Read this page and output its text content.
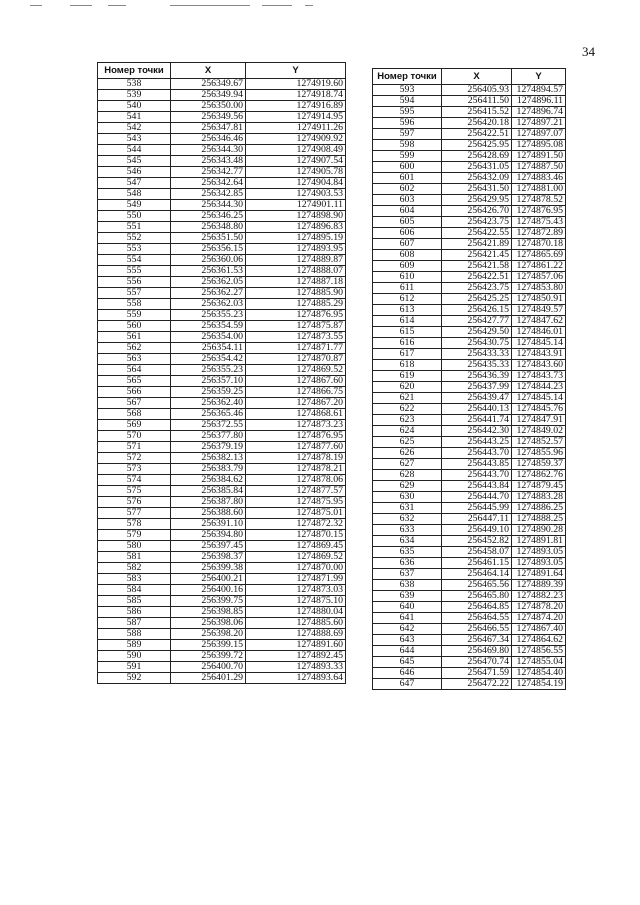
34
Номер точки	X	Y
538	256349.67	1274919.60
539	256349.94	1274918.74
540	256350.00	1274916.89
541	256349.56	1274914.95
542	256347.81	1274911.26
543	256346.46	1274909.92
544	256344.30	1274908.49
545	256343.48	1274907.54
546	256342.77	1274905.78
547	256342.64	1274904.84
548	256342.85	1274903.53
549	256344.30	1274901.11
550	256346.25	1274898.90
551	256348.80	1274896.83
552	256351.50	1274895.19
553	256356.15	1274893.95
554	256360.06	1274889.87
555	256361.53	1274888.07
556	256362.05	1274887.18
557	256362.27	1274885.90
558	256362.03	1274885.29
559	256355.23	1274876.95
560	256354.59	1274875.87
561	256354.00	1274873.55
562	256354.11	1274871.77
563	256354.42	1274870.87
564	256355.23	1274869.52
565	256357.10	1274867.60
566	256359.25	1274866.75
567	256362.40	1274867.20
568	256365.46	1274868.61
569	256372.55	1274873.23
570	256377.80	1274876.95
571	256379.19	1274877.60
572	256382.13	1274878.19
573	256383.79	1274878.21
574	256384.62	1274878.06
575	256385.84	1274877.57
576	256387.80	1274875.95
577	256388.60	1274875.01
578	256391.10	1274872.32
579	256394.80	1274870.15
580	256397.45	1274869.45
581	256398.37	1274869.52
582	256399.38	1274870.00
583	256400.21	1274871.99
584	256400.16	1274873.03
585	256399.75	1274875.10
586	256398.85	1274880.04
587	256398.06	1274885.60
588	256398.20	1274888.69
589	256399.15	1274891.60
590	256399.72	1274892.45
591	256400.70	1274893.33
592	256401.29	1274893.64
Номер точки	X	Y
593	256405.93	1274894.57
594	256411.50	1274896.11
595	256415.52	1274896.74
596	256420.18	1274897.21
597	256422.51	1274897.07
598	256425.95	1274895.08
599	256428.69	1274891.50
600	256431.05	1274887.50
601	256432.09	1274883.46
602	256431.50	1274881.00
603	256429.95	1274878.52
604	256426.70	1274876.95
605	256423.75	1274875.43
606	256422.55	1274872.89
607	256421.89	1274870.18
608	256421.45	1274865.69
609	256421.58	1274861.22
610	256422.51	1274857.06
611	256423.75	1274853.80
612	256425.25	1274850.91
613	256426.15	1274849.57
614	256427.77	1274847.62
615	256429.50	1274846.01
616	256430.75	1274845.14
617	256433.33	1274843.91
618	256435.33	1274843.60
619	256436.39	1274843.73
620	256437.99	1274844.23
621	256439.47	1274845.14
622	256440.13	1274845.76
623	256441.74	1274847.91
624	256442.30	1274849.02
625	256443.25	1274852.57
626	256443.70	1274855.96
627	256443.85	1274859.37
628	256443.70	1274862.76
629	256443.84	1274879.45
630	256444.70	1274883.28
631	256445.99	1274886.25
632	256447.11	1274888.25
633	256449.10	1274890.28
634	256452.82	1274891.81
635	256458.07	1274893.05
636	256461.15	1274893.05
637	256464.14	1274891.64
638	256465.56	1274889.39
639	256465.80	1274882.23
640	256464.85	1274878.20
641	256464.55	1274874.20
642	256466.55	1274867.40
643	256467.34	1274864.62
644	256469.80	1274856.55
645	256470.74	1274855.04
646	256471.59	1274854.40
647	256472.22	1274854.19
